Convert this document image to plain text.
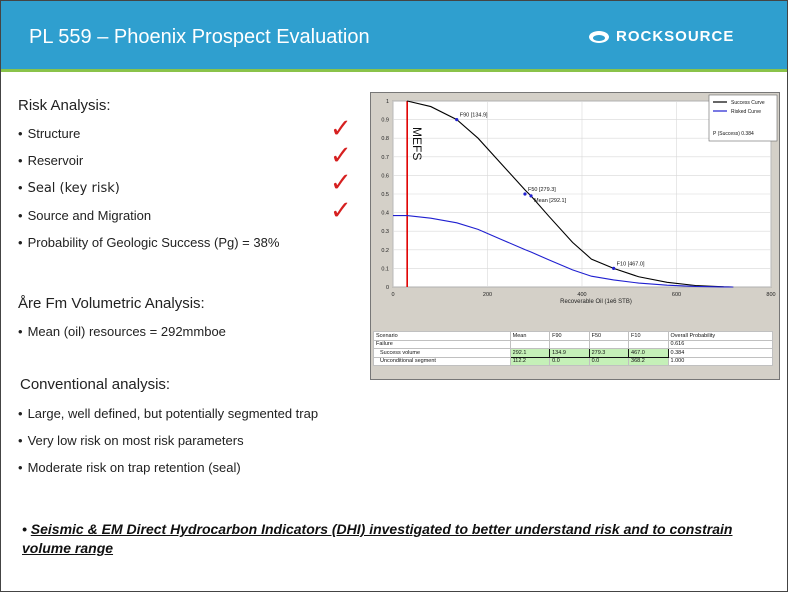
PL 559 – Phoenix Prospect Evaluation	ROCKSOURCE
Risk Analysis:
• Structure
• Reservoir
• Seal (key risk)
• Source and Migration
• Probability of Geologic Success (Pg) = 38%
✓
✓
✓
✓
Åre Fm Volumetric Analysis:
• Mean (oil) resources = 292mmboe
Conventional analysis:
• Large, well defined, but potentially segmented trap
• Very low risk on most risk parameters
• Moderate risk on trap retention (seal)
• Seismic & EM Direct Hydrocarbon Indicators (DHI) investigated to better understand risk and to constrain volume range
0
0.1
0.2
0.3
0.4
0.5
0.6
0.7
0.8
0.9
1
0	200	400	600	800
Recoverable Oil (1e6 STB)
MEFS
F90 [134.9]
F50 [279.3]
Mean [292.1]
F10 [467.0]
Success Curve
Risked Curve
P (Success) 0.384
Scenario	Mean	F90	F50	F10	Overall Probability
Failure					0.616
Success volume	292.1	134.9	279.3	467.0	0.384
Unconditional segment	112.2	0.0	0.0	368.2	1.000
